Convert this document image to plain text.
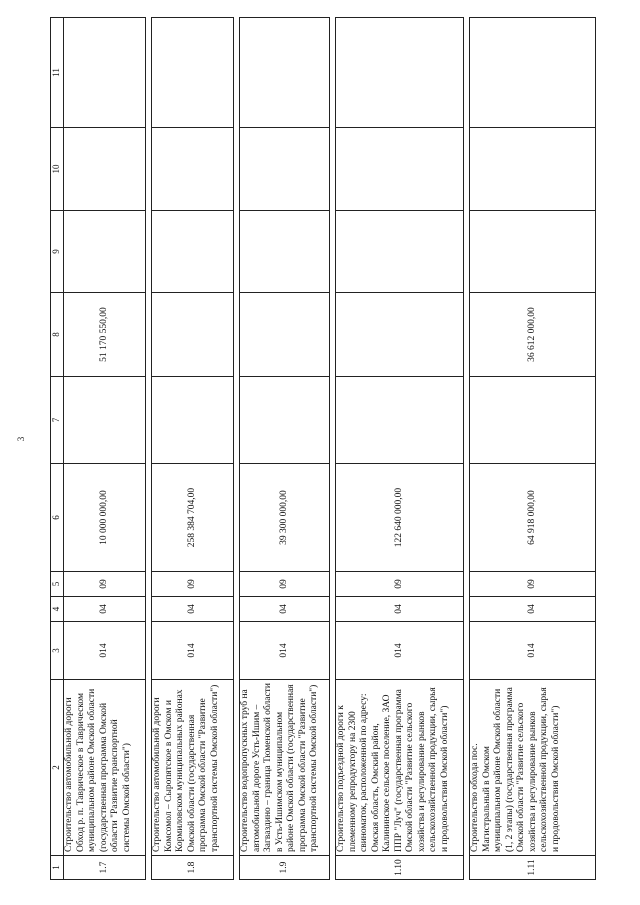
3
1	2	3	4	5	6	7	8	9	10	11
1.7	Строительство автомобильной дороги Обход р. п. Таврическое в Таврическом муниципальном районе Омской области (государственная программа Омской области "Развитие транспортной системы Омской области")	014	04	09	10 000 000,00		51 170 550,00			

1.8	Строительство автомобильной дороги Комсомол – Сыропятское в Омском и Кормиловском муниципальных районах Омской области (государственная программа Омской области "Развитие транспортной системы Омской области")	014	04	09	258 384 704,00					

1.9	Строительство водопропускных труб на автомобильной дороге Усть-Ишим – Загваздино – граница Тюменской области в Усть-Ишимском муниципальном районе Омской области (государственная программа Омской области "Развитие транспортной системы Омской области")	014	04	09	39 300 000,00					

1.10	Строительство подъездной дороги к племенному репродуктору на 2300 свиноматок, расположенной по адресу: Омская область, Омский район, Калининское сельское поселение, ЗАО ППР "Луч" (государственная программа Омской области "Развитие сельского хозяйства и регулирование рынков сельскохозяйственной продукции, сырья и продовольствия Омской области")	014	04	09	122 640 000,00					

1.11	Строительство обхода пос. Магистральный в Омском муниципальном районе Омской области (1, 2 этапы) (государственная программа Омской области "Развитие сельского хозяйства и регулирование рынков сельскохозяйственной продукции, сырья и продовольствия Омской области")	014	04	09	64 918 000,00		36 612 000,00			
